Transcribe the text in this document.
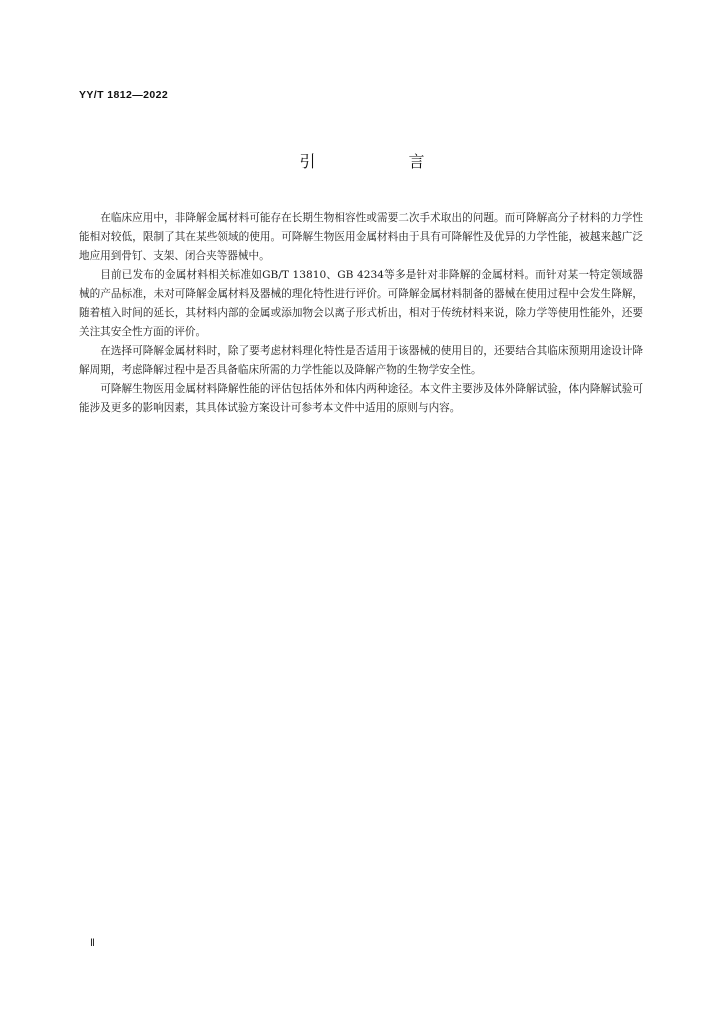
YY/T 1812—2022
引 言

在临床应用中，非降解金属材料可能存在长期生物相容性或需要二次手术取出的问题。而可降解高分子材料的力学性能相对较低，限制了其在某些领域的使用。可降解生物医用金属材料由于具有可降解性及优异的力学性能，被越来越广泛地应用到骨钉、支架、闭合夹等器械中。

目前已发布的金属材料相关标准如GB/T 13810、GB 4234等多是针对非降解的金属材料。而针对某一特定领域器械的产品标准，未对可降解金属材料及器械的理化特性进行评价。可降解金属材料制备的器械在使用过程中会发生降解，随着植入时间的延长，其材料内部的金属或添加物会以离子形式析出，相对于传统材料来说，除力学等使用性能外，还要关注其安全性方面的评价。

在选择可降解金属材料时，除了要考虑材料理化特性是否适用于该器械的使用目的，还要结合其临床预期用途设计降解周期，考虑降解过程中是否具备临床所需的力学性能以及降解产物的生物学安全性。

可降解生物医用金属材料降解性能的评估包括体外和体内两种途径。本文件主要涉及体外降解试验，体内降解试验可能涉及更多的影响因素，其具体试验方案设计可参考本文件中适用的原则与内容。

Ⅱ
